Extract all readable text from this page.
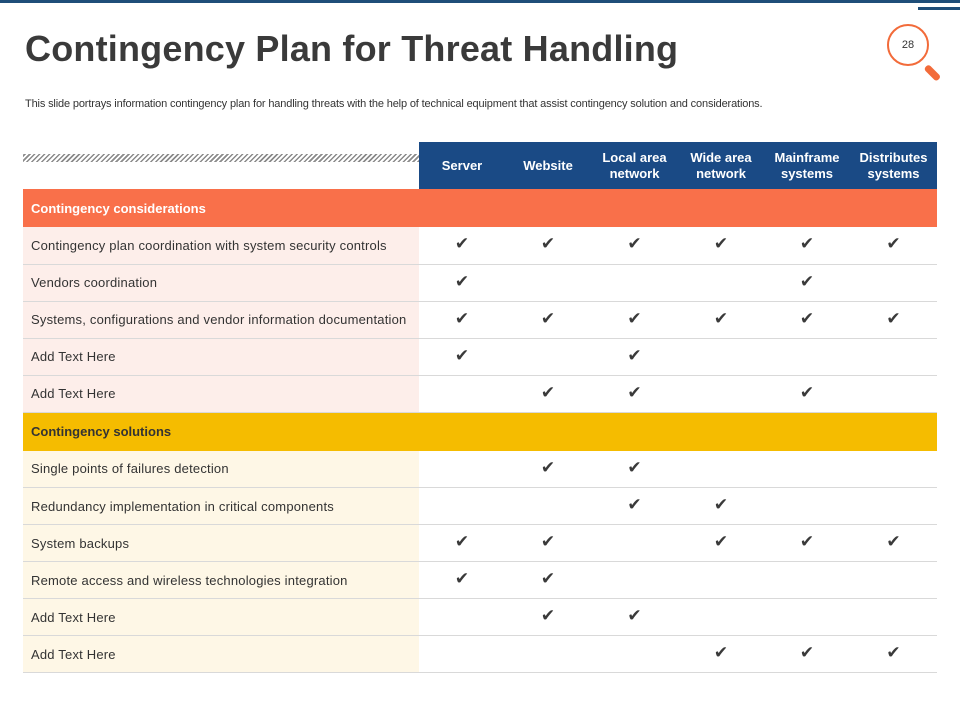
Contingency Plan for Threat Handling
This slide portrays information contingency plan for handling threats with the help of technical equipment that assist contingency solution and considerations.
28
	Server	Website	Local area network	Wide area network	Mainframe systems	Distributes systems
Contingency considerations						
Contingency plan coordination with system security controls	✔	✔	✔	✔	✔	✔
Vendors coordination	✔				✔	
Systems, configurations and vendor information documentation	✔	✔	✔	✔	✔	✔
Add Text Here	✔		✔			
Add Text Here		✔	✔		✔	
Contingency solutions						
Single points of failures detection		✔	✔			
Redundancy implementation in critical components			✔	✔		
System backups	✔	✔		✔	✔	✔
Remote access and wireless technologies integration	✔	✔				
Add Text Here		✔	✔			
Add Text Here				✔	✔	✔
